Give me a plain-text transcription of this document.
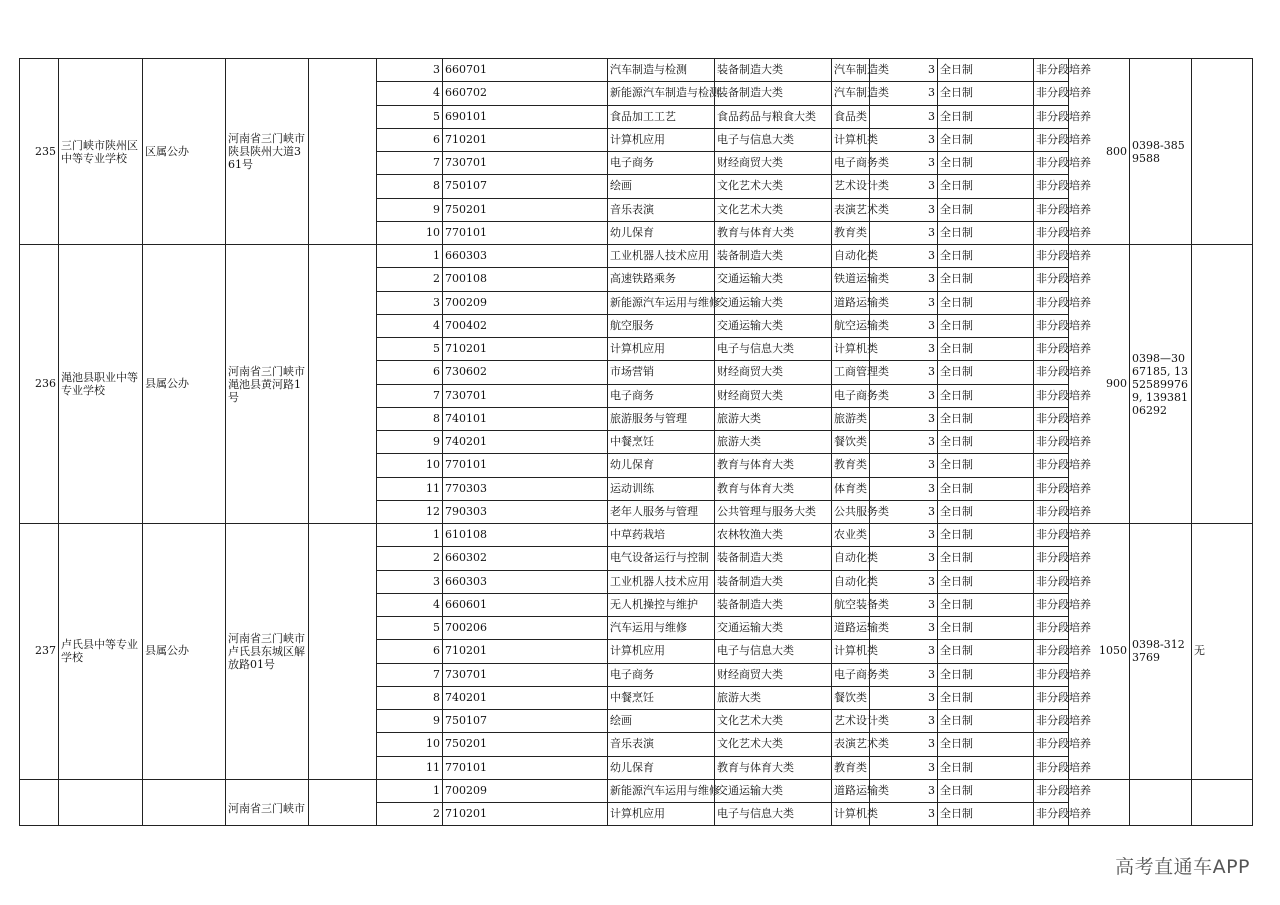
235	三门峡市陕州区中等专业学校	区属公办	河南省三门峡市陕县陕州大道361号		3	660701	汽车制造与检测	装备制造大类	汽车制造类	3	全日制	非分段培养	800	0398-3859588		
					4	660702	新能源汽车制造与检测	装备制造大类	汽车制造类	3	全日制	非分段培养				
					5	690101	食品加工工艺	食品药品与粮食大类	食品类	3	全日制	非分段培养				
					6	710201	计算机应用	电子与信息大类	计算机类	3	全日制	非分段培养				
					7	730701	电子商务	财经商贸大类	电子商务类	3	全日制	非分段培养				
					8	750107	绘画	文化艺术大类	艺术设计类	3	全日制	非分段培养				
					9	750201	音乐表演	文化艺术大类	表演艺术类	3	全日制	非分段培养				
					10	770101	幼儿保育	教育与体育大类	教育类	3	全日制	非分段培养				
236	渑池县职业中等专业学校	县属公办	河南省三门峡市渑池县黄河路1号		1	660303	工业机器人技术应用	装备制造大类	自动化类	3	全日制	非分段培养	900	0398—3067185, 13525899769, 13938106292		
					2	700108	高速铁路乘务	交通运输大类	铁道运输类	3	全日制	非分段培养				
					3	700209	新能源汽车运用与维修	交通运输大类	道路运输类	3	全日制	非分段培养				
					4	700402	航空服务	交通运输大类	航空运输类	3	全日制	非分段培养				
					5	710201	计算机应用	电子与信息大类	计算机类	3	全日制	非分段培养				
					6	730602	市场营销	财经商贸大类	工商管理类	3	全日制	非分段培养				
					7	730701	电子商务	财经商贸大类	电子商务类	3	全日制	非分段培养				
					8	740101	旅游服务与管理	旅游大类	旅游类	3	全日制	非分段培养				
					9	740201	中餐烹饪	旅游大类	餐饮类	3	全日制	非分段培养				
					10	770101	幼儿保育	教育与体育大类	教育类	3	全日制	非分段培养				
					11	770303	运动训练	教育与体育大类	体育类	3	全日制	非分段培养				
					12	790303	老年人服务与管理	公共管理与服务大类	公共服务类	3	全日制	非分段培养				
237	卢氏县中等专业学校	县属公办	河南省三门峡市卢氏县东城区解放路01号		1	610108	中草药栽培	农林牧渔大类	农业类	3	全日制	非分段培养	1050	0398-3123769	无	
					2	660302	电气设备运行与控制	装备制造大类	自动化类	3	全日制	非分段培养				
					3	660303	工业机器人技术应用	装备制造大类	自动化类	3	全日制	非分段培养				
					4	660601	无人机操控与维护	装备制造大类	航空装备类	3	全日制	非分段培养				
					5	700206	汽车运用与维修	交通运输大类	道路运输类	3	全日制	非分段培养				
					6	710201	计算机应用	电子与信息大类	计算机类	3	全日制	非分段培养				
					7	730701	电子商务	财经商贸大类	电子商务类	3	全日制	非分段培养				
					8	740201	中餐烹饪	旅游大类	餐饮类	3	全日制	非分段培养				
					9	750107	绘画	文化艺术大类	艺术设计类	3	全日制	非分段培养				
					10	750201	音乐表演	文化艺术大类	表演艺术类	3	全日制	非分段培养				
					11	770101	幼儿保育	教育与体育大类	教育类	3	全日制	非分段培养				
			河南省三门峡市		1	700209	新能源汽车运用与维修	交通运输大类	道路运输类	3	全日制	非分段培养				
					2	710201	计算机应用	电子与信息大类	计算机类	3	全日制	非分段培养				
高考直通车APP
